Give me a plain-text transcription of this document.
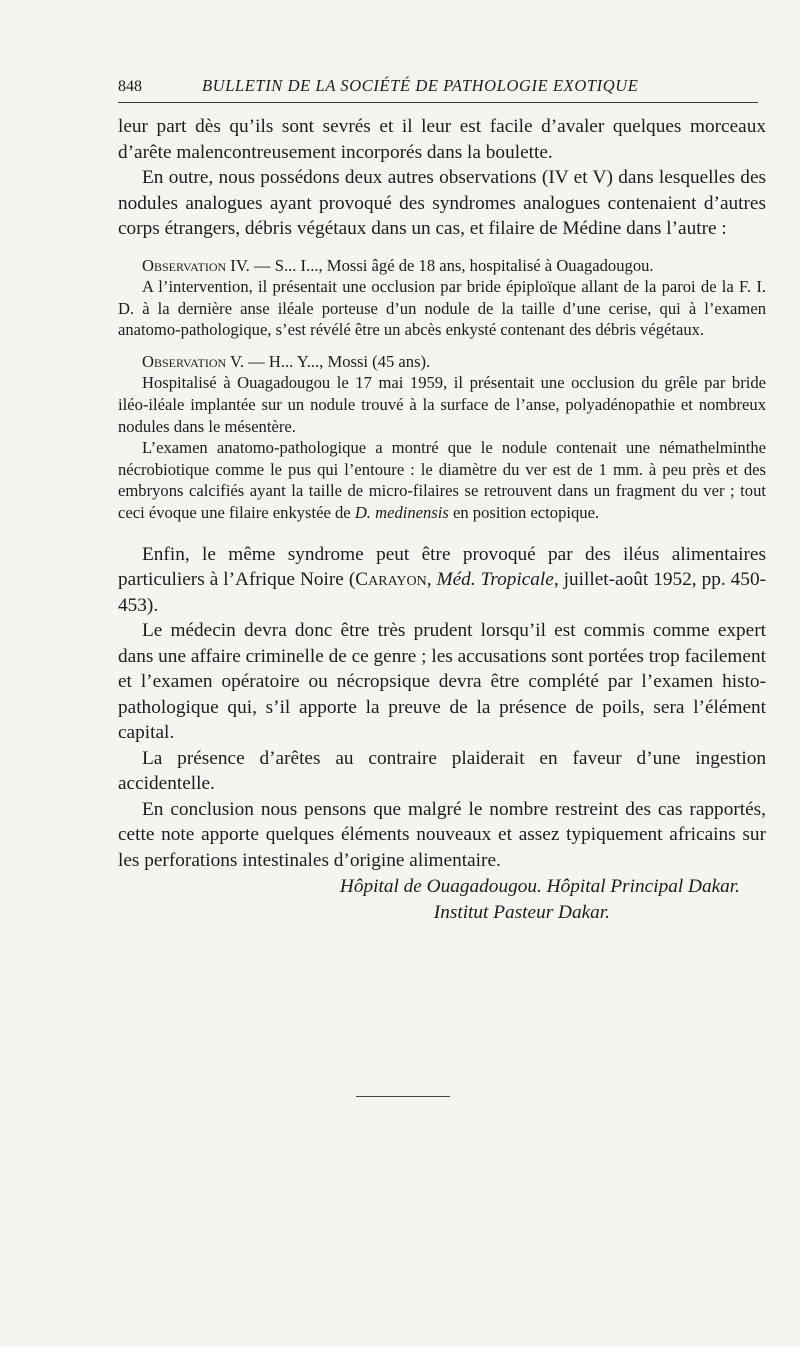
848	BULLETIN DE LA SOCIÉTÉ DE PATHOLOGIE EXOTIQUE

leur part dès qu’ils sont sevrés et il leur est facile d’avaler quelques morceaux d’arête malencontreusement incorporés dans la boulette.

En outre, nous possédons deux autres observations (IV et V) dans lesquelles des nodules analogues ayant provoqué des syndromes analogues contenaient d’autres corps étrangers, débris végétaux dans un cas, et filaire de Médine dans l’autre :

Observation IV. — S... I..., Mossi âgé de 18 ans, hospitalisé à Ouagadougou.

A l’intervention, il présentait une occlusion par bride épiploïque allant de la paroi de la F. I. D. à la dernière anse iléale porteuse d’un nodule de la taille d’une cerise, qui à l’examen anatomo-pathologique, s’est révélé être un abcès enkysté contenant des débris végétaux.

Observation V. — H... Y..., Mossi (45 ans).

Hospitalisé à Ouagadougou le 17 mai 1959, il présentait une occlusion du grêle par bride iléo-iléale implantée sur un nodule trouvé à la surface de l’anse, polyadénopathie et nombreux nodules dans le mésentère.

L’examen anatomo-pathologique a montré que le nodule contenait une némathelminthe nécrobiotique comme le pus qui l’entoure : le diamètre du ver est de 1 mm. à peu près et des embryons calcifiés ayant la taille de micro-filaires se retrouvent dans un fragment du ver ; tout ceci évoque une filaire enkystée de D. medinensis en position ectopique.

Enfin, le même syndrome peut être provoqué par des iléus alimentaires particuliers à l’Afrique Noire (Carayon, Méd. Tropicale, juillet-août 1952, pp. 450-453).

Le médecin devra donc être très prudent lorsqu’il est commis comme expert dans une affaire criminelle de ce genre ; les accusations sont portées trop facilement et l’examen opératoire ou nécropsique devra être complété par l’examen histo-pathologique qui, s’il apporte la preuve de la présence de poils, sera l’élément capital.

La présence d’arêtes au contraire plaiderait en faveur d’une ingestion accidentelle.

En conclusion nous pensons que malgré le nombre restreint des cas rapportés, cette note apporte quelques éléments nouveaux et assez typiquement africains sur les perforations intestinales d’origine alimentaire.

Hôpital de Ouagadougou. Hôpital Principal Dakar.

Institut Pasteur Dakar.
